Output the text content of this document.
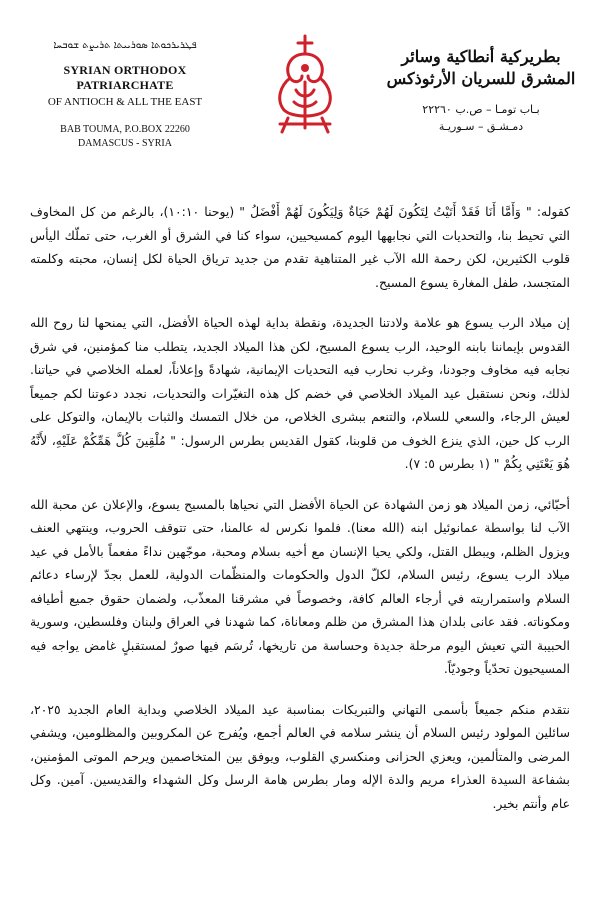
ܦܛܪܝܪܟܘܬܐ ܣܘܪܝܝܬܐ ܬܪܝܨܬ ܫܘܒܚܐ
SYRIAN ORTHODOX PATRIARCHATE
OF ANTIOCH & ALL THE EAST
BAB TOUMA, P.O.BOX 22260
DAMASCUS - SYRIA
بطريركية أنطاكية وسائر المشرق للسريان الأرثوذكس
بـاب تومـا – ص.ب ٢٢٢٦٠
دمـشـق – سـوريـة

كقوله: " وَأَمَّا أَنَا فَقَدْ أَتَيْتُ لِتَكُونَ لَهُمْ حَيَاةٌ وَلِيَكُونَ لَهُمْ أَفْضَلُ " (يوحنا ١٠:١٠)، بالرغم من كل المخاوف التي تحيط بنا، والتحديات التي نجابهها اليوم كمسيحيين، سواء كنا في الشرق أو الغرب، حتى تملّك اليأس قلوب الكثيرين، لكن رحمة الله الآب غير المتناهية تقدم من جديد ترياق الحياة لكل إنسان، محبته وكلمته المتجسد، طفل المغارة يسوع المسيح.

إن ميلاد الرب يسوع هو علامة ولادتنا الجديدة، ونقطة بداية لهذه الحياة الأفضل، التي يمنحها لنا روح الله القدوس بإيماننا بابنه الوحيد، الرب يسوع المسيح، لكن هذا الميلاد الجديد، يتطلب منا كمؤمنين، في شرق نجابه فيه مخاوف وجودنا، وغرب نحارب فيه التحديات الإيمانية، شهادةً وإعلاناً، لعمله الخلاصي في حياتنا. لذلك، ونحن نستقبل عيد الميلاد الخلاصي في خضم كل هذه التغيّرات والتحديات، نجدد دعوتنا لكم جميعاً لعيش الرجاء، والسعي للسلام، والتنعم ببشرى الخلاص، من خلال التمسك والثبات بالإيمان، والتوكل على الرب كل حين، الذي ينزع الخوف من قلوبنا، كقول القديس بطرس الرسول: " مُلْقِينَ كُلَّ هَمِّكُمْ عَلَيْهِ، لأَنَّهُ هُوَ يَعْتَنِي بِكُمْ " (١ بطرس ٥: ٧).

أحبّائي، زمن الميلاد هو زمن الشهادة عن الحياة الأفضل التي نحياها بالمسيح يسوع، والإعلان عن محبة الله الآب لنا بواسطة عمانوئيل ابنه (الله معنا). فلموا نكرس له عالمنا، حتى تتوقف الحروب، وينتهي العنف ويزول الظلم، ويبطل القتل، ولكي يحيا الإنسان مع أخيه بسلام ومحبة، موجّهين نداءً مفعماً بالأمل في عيد ميلاد الرب يسوع، رئيس السلام، لكلّ الدول والحكومات والمنظّمات الدولية، للعمل بجدّ لإرساء دعائم السلام واستمراريته في أرجاء العالم كافة، وخصوصاً في مشرقنا المعذّب، ولضمان حقوق جميع أطيافه ومكوناته. فقد عانى بلدان هذا المشرق من ظلم ومعاناة، كما شهدنا في العراق ولبنان وفلسطين، وسورية الحبيبة التي تعيش اليوم مرحلة جديدة وحساسة من تاريخها، تُرسَم فيها صورٌ لمستقبلٍ غامض يواجه فيه المسيحيون تحدّياً وجوديّاً.

نتقدم منكم جميعاً بأسمى التهاني والتبريكات بمناسبة عيد الميلاد الخلاصي وبداية العام الجديد ٢٠٢٥، سائلين المولود رئيس السلام أن ينشر سلامه في العالم أجمع، ويُفرج عن المكروبين والمظلومين، ويشفي المرضى والمتألمين، ويعزي الحزانى ومنكسري القلوب، ويوفق بين المتخاصمين ويرحم الموتى المؤمنين، بشفاعة السيدة العذراء مريم والدة الإله ومار بطرس هامة الرسل وكل الشهداء والقديسين. آمين. وكل عام وأنتم بخير.
